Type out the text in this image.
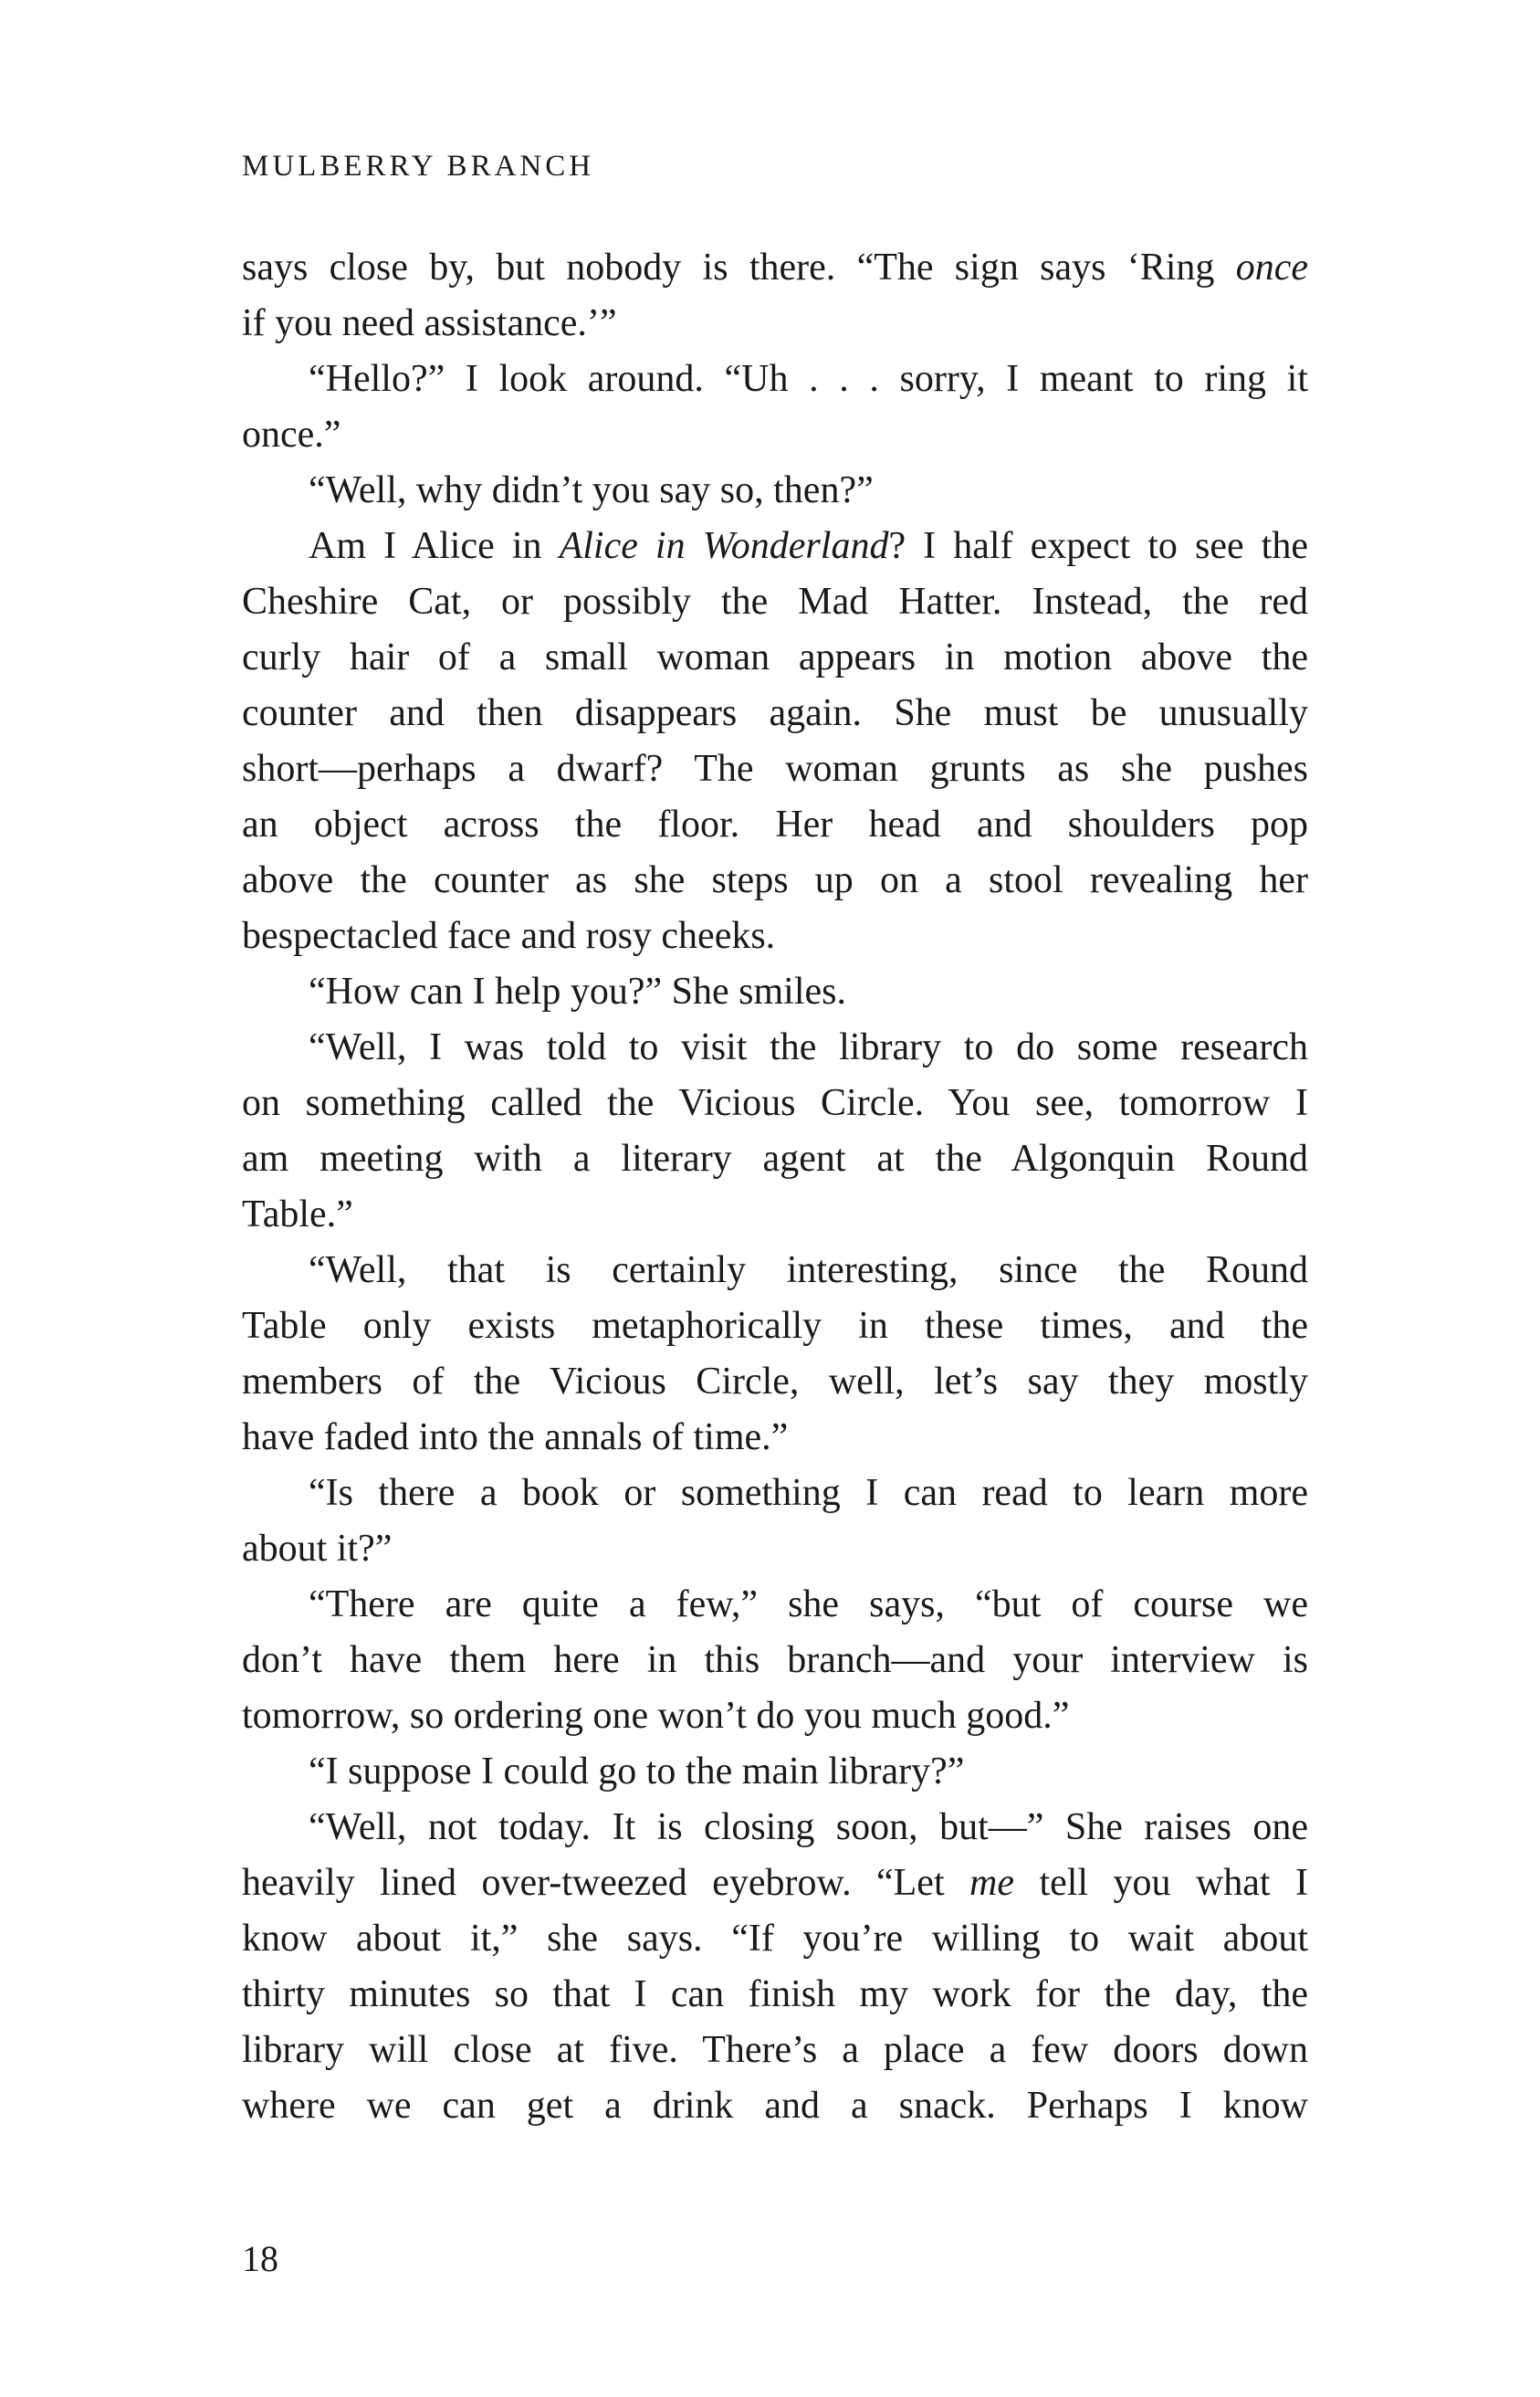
MULBERRY BRANCH
says close by, but nobody is there. “The sign says ‘Ring once
if you need assistance.’”
“Hello?” I look around. “Uh . . . sorry, I meant to ring it
once.”
“Well, why didn’t you say so, then?”
Am I Alice in Alice in Wonderland? I half expect to see the
Cheshire Cat, or possibly the Mad Hatter. Instead, the red
curly hair of a small woman appears in motion above the
counter and then disappears again. She must be unusually
short—perhaps a dwarf? The woman grunts as she pushes
an object across the floor. Her head and shoulders pop
above the counter as she steps up on a stool revealing her
bespectacled face and rosy cheeks.
“How can I help you?” She smiles.
“Well, I was told to visit the library to do some research
on something called the Vicious Circle. You see, tomorrow I
am meeting with a literary agent at the Algonquin Round
Table.”
“Well, that is certainly interesting, since the Round
Table only exists metaphorically in these times, and the
members of the Vicious Circle, well, let’s say they mostly
have faded into the annals of time.”
“Is there a book or something I can read to learn more
about it?”
“There are quite a few,” she says, “but of course we
don’t have them here in this branch—and your interview is
tomorrow, so ordering one won’t do you much good.”
“I suppose I could go to the main library?”
“Well, not today. It is closing soon, but—” She raises one
heavily lined over-tweezed eyebrow. “Let me tell you what I
know about it,” she says. “If you’re willing to wait about
thirty minutes so that I can finish my work for the day, the
library will close at five. There’s a place a few doors down
where we can get a drink and a snack. Perhaps I know
18
